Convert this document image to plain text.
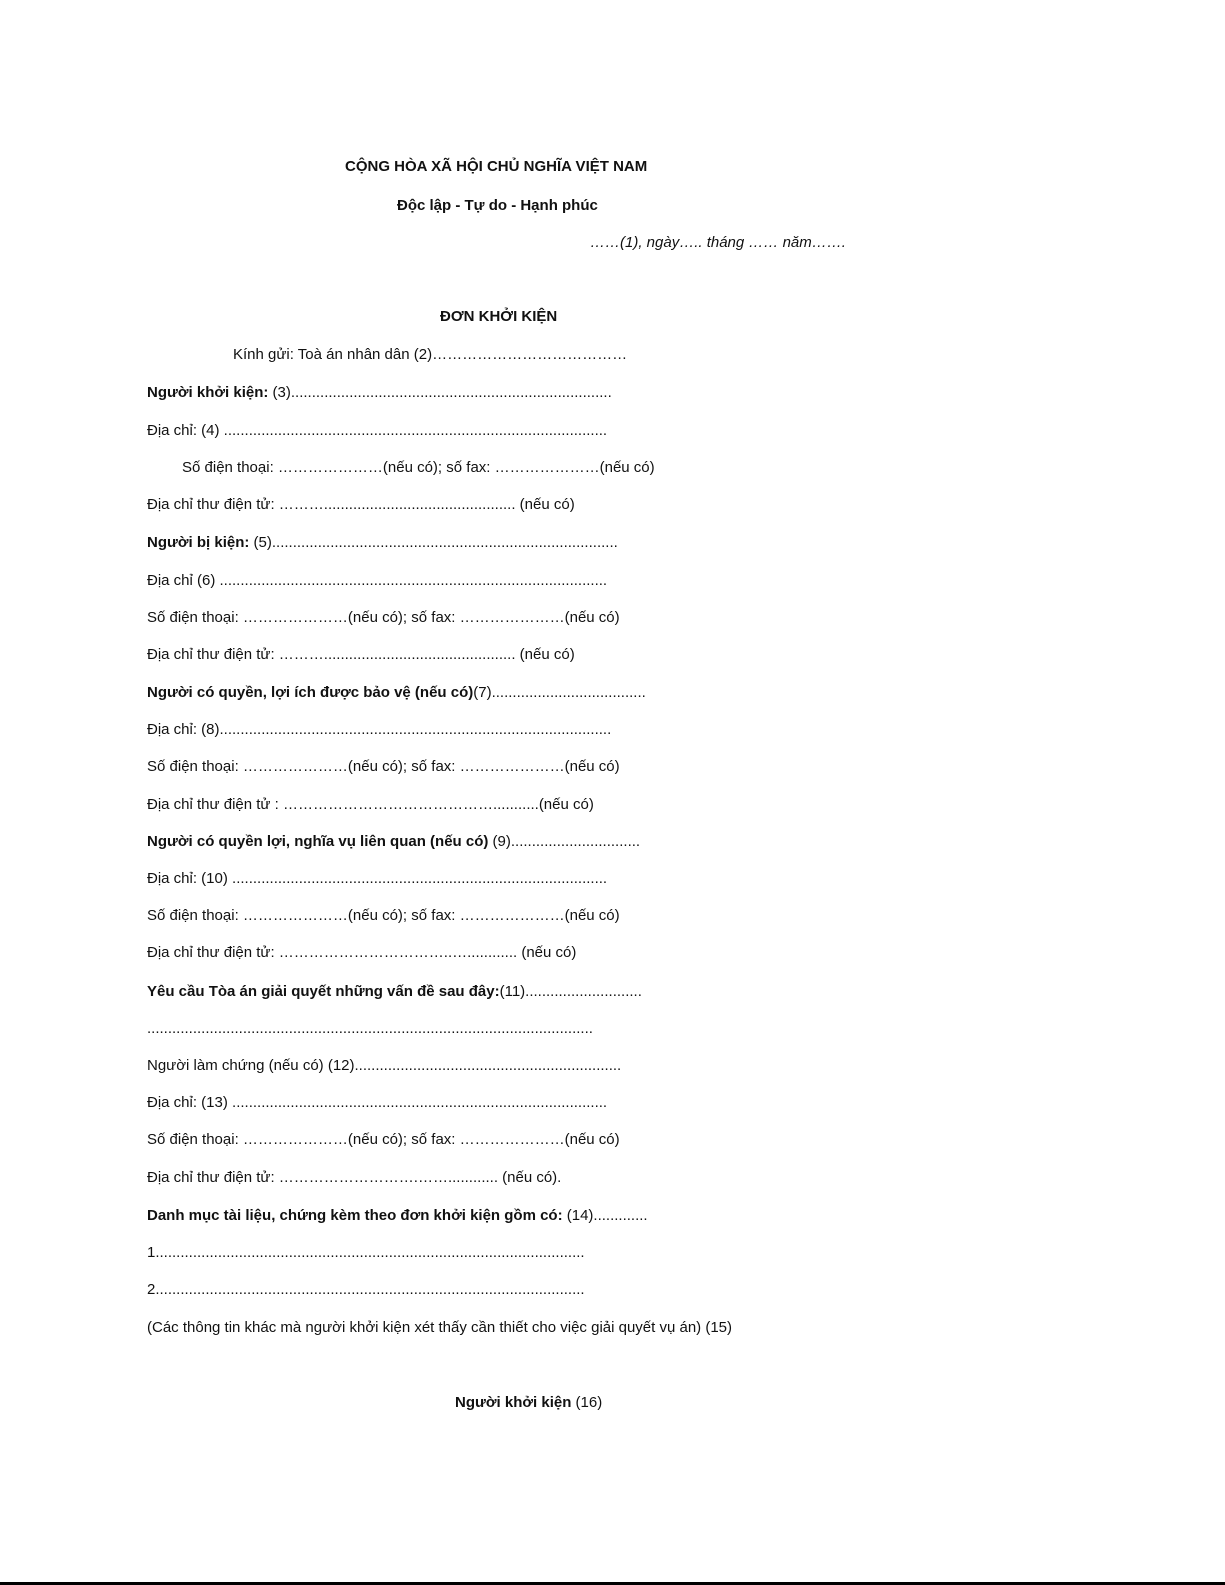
CỘNG HÒA XÃ HỘI CHỦ NGHĨA VIỆT NAM
Độc lập - Tự do - Hạnh phúc
……(1), ngày….. tháng …… năm…….
ĐƠN KHỞI KIỆN
Kính gửi: Toà án nhân dân (2)…………………………………
Người khởi kiện: (3).............................................................................
Địa chỉ: (4) ............................................................................................
Số điện thoại: …………………(nếu có); số fax: …………………(nếu có)
Địa chỉ thư điện tử: ……….............................................. (nếu có)
Người bị kiện: (5)...................................................................................
Địa chỉ (6) .............................................................................................
Số điện thoại: …………………(nếu có); số fax: …………………(nếu có)
Địa chỉ thư điện tử: ……….............................................. (nếu có)
Người có quyền, lợi ích được bảo vệ (nếu có)(7).....................................
Địa chỉ: (8)..............................................................................................
Số điện thoại: …………………(nếu có); số fax: …………………(nếu có)
Địa chỉ thư điện tử : ……………………………………...........(nếu có)
Người có quyền lợi, nghĩa vụ liên quan (nếu có) (9)...............................
Địa chỉ: (10) ..........................................................................................
Số điện thoại: …………………(nếu có); số fax: …………………(nếu có)
Địa chỉ thư điện tử: ……………………………..…............ (nếu có)
Yêu cầu Tòa án giải quyết những vấn đề sau đây:(11)............................
...........................................................................................................
Người làm chứng (nếu có) (12)................................................................
Địa chỉ: (13) ..........................................................................................
Số điện thoại: …………………(nếu có); số fax: …………………(nếu có)
Địa chỉ thư điện tử: ……………………….……............ (nếu có).
Danh mục tài liệu, chứng kèm theo đơn khởi kiện gồm có: (14).............
1.......................................................................................................
2.......................................................................................................
(Các thông tin khác mà người khởi kiện xét thấy cần thiết cho việc giải quyết vụ án) (15)
Người khởi kiện (16)
